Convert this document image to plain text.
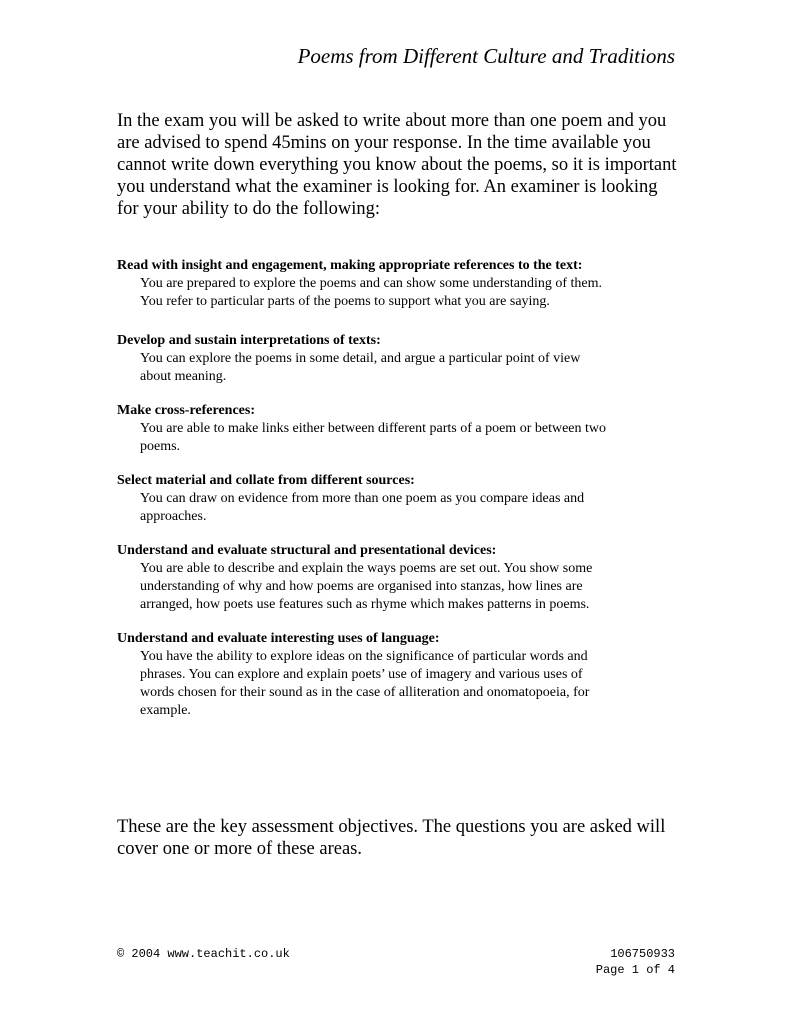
Poems from Different Culture and Traditions
In the exam you will be asked to write about more than one poem and you are advised to spend 45mins on your response. In the time available you cannot write down everything you know about the poems, so it is important you understand what the examiner is looking for. An examiner is looking for your ability to do the following:
Read with insight and engagement, making appropriate references to the text:
You are prepared to explore the poems and can show some understanding of them. You refer to particular parts of the poems to support what you are saying.
Develop and sustain interpretations of texts:
You can explore the poems in some detail, and argue a particular point of view about meaning.
Make cross-references:
You are able to make links either between different parts of a poem or between two poems.
Select material and collate from different sources:
You can draw on evidence from more than one poem as you compare ideas and approaches.
Understand and evaluate structural and presentational devices:
You are able to describe and explain the ways poems are set out. You show some understanding of why and how poems are organised into stanzas, how lines are arranged, how poets use features such as rhyme which makes patterns in poems.
Understand and evaluate interesting uses of language:
You have the ability to explore ideas on the significance of particular words and phrases. You can explore and explain poets’ use of imagery and various uses of words chosen for their sound as in the case of alliteration and onomatopoeia, for example.
These are the key assessment objectives. The questions you are asked will cover one or more of these areas.
© 2004 www.teachit.co.uk	106750933
Page 1 of 4
